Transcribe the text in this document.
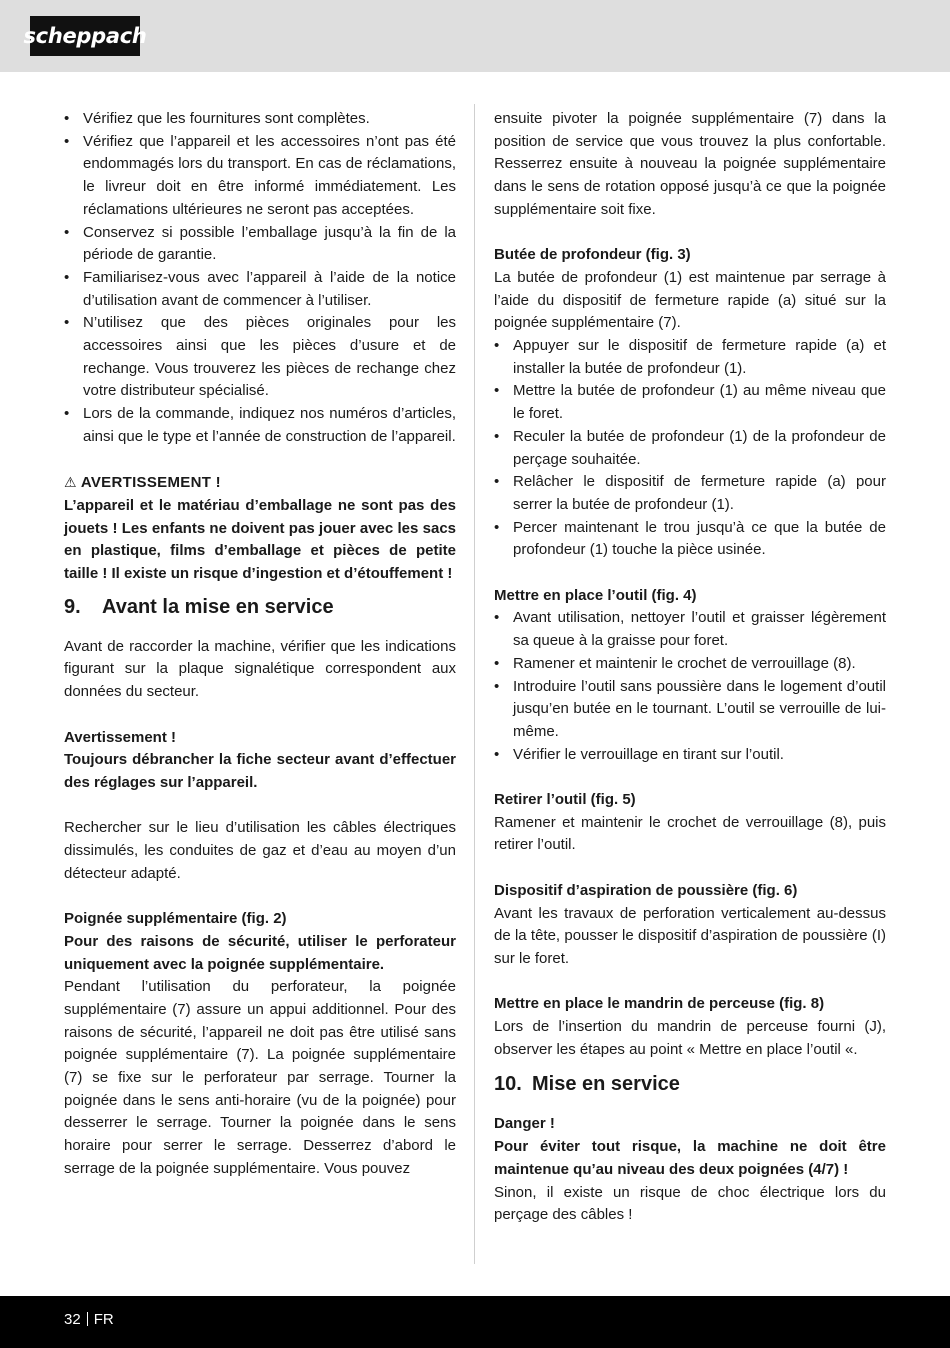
scheppach
• Vérifiez que les fournitures sont complètes.
• Vérifiez que l’appareil et les accessoires n’ont pas été endommagés lors du transport. En cas de réclamations, le livreur doit en être informé immédiatement. Les réclamations ultérieures ne seront pas acceptées.
• Conservez si possible l’emballage jusqu’à la fin de la période de garantie.
• Familiarisez-vous avec l’appareil à l’aide de la notice d’utilisation avant de commencer à l’utiliser.
• N’utilisez que des pièces originales pour les accessoires ainsi que les pièces d’usure et de rechange. Vous trouverez les pièces de rechange chez votre distributeur spécialisé.
• Lors de la commande, indiquez nos numéros d’articles, ainsi que le type et l’année de construction de l’appareil.

⚠ AVERTISSEMENT !

L’appareil et le matériau d’emballage ne sont pas des jouets ! Les enfants ne doivent pas jouer avec les sacs en plastique, films d’emballage et pièces de petite taille ! Il existe un risque d’ingestion et d’étouffement !

9. Avant la mise en service

Avant de raccorder la machine, vérifier que les indications figurant sur la plaque signalétique correspondent aux données du secteur.

Avertissement !

Toujours débrancher la fiche secteur avant d’effectuer des réglages sur l’appareil.

Rechercher sur le lieu d’utilisation les câbles électriques dissimulés, les conduites de gaz et d’eau au moyen d’un détecteur adapté.

Poignée supplémentaire (fig. 2)

Pour des raisons de sécurité, utiliser le perforateur uniquement avec la poignée supplémentaire.

Pendant l’utilisation du perforateur, la poignée supplémentaire (7) assure un appui additionnel. Pour des raisons de sécurité, l’appareil ne doit pas être utilisé sans poignée supplémentaire (7). La poignée supplémentaire (7) se fixe sur le perforateur par serrage. Tourner la poignée dans le sens anti-horaire (vu de la poignée) pour desserrer le serrage. Tourner la poignée dans le sens horaire pour serrer le serrage. Desserrez d’abord le serrage de la poignée supplémentaire. Vous pouvez

ensuite pivoter la poignée supplémentaire (7) dans la position de service que vous trouvez la plus confortable. Resserrez ensuite à nouveau la poignée supplémentaire dans le sens de rotation opposé jusqu’à ce que la poignée supplémentaire soit fixe.

Butée de profondeur (fig. 3)

La butée de profondeur (1) est maintenue par serrage à l’aide du dispositif de fermeture rapide (a) situé sur la poignée supplémentaire (7).

• Appuyer sur le dispositif de fermeture rapide (a) et installer la butée de profondeur (1).
• Mettre la butée de profondeur (1) au même niveau que le foret.
• Reculer la butée de profondeur (1) de la profondeur de perçage souhaitée.
• Relâcher le dispositif de fermeture rapide (a) pour serrer la butée de profondeur (1).
• Percer maintenant le trou jusqu’à ce que la butée de profondeur (1) touche la pièce usinée.

Mettre en place l’outil (fig. 4)

• Avant utilisation, nettoyer l’outil et graisser légèrement sa queue à la graisse pour foret.
• Ramener et maintenir le crochet de verrouillage (8).
• Introduire l’outil sans poussière dans le logement d’outil jusqu’en butée en le tournant. L’outil se verrouille de lui-même.
• Vérifier le verrouillage en tirant sur l’outil.

Retirer l’outil (fig. 5)

Ramener et maintenir le crochet de verrouillage (8), puis retirer l’outil.

Dispositif d’aspiration de poussière (fig. 6)

Avant les travaux de perforation verticalement au-dessus de la tête, pousser le dispositif d’aspiration de poussière (I) sur le foret.

Mettre en place le mandrin de perceuse (fig. 8)

Lors de l’insertion du mandrin de perceuse fourni (J), observer les étapes au point « Mettre en place l’outil «.

10. Mise en service

Danger !

Pour éviter tout risque, la machine ne doit être maintenue qu’au niveau des deux poignées (4/7) !

Sinon, il existe un risque de choc électrique lors du perçage des câbles !

32 FR
